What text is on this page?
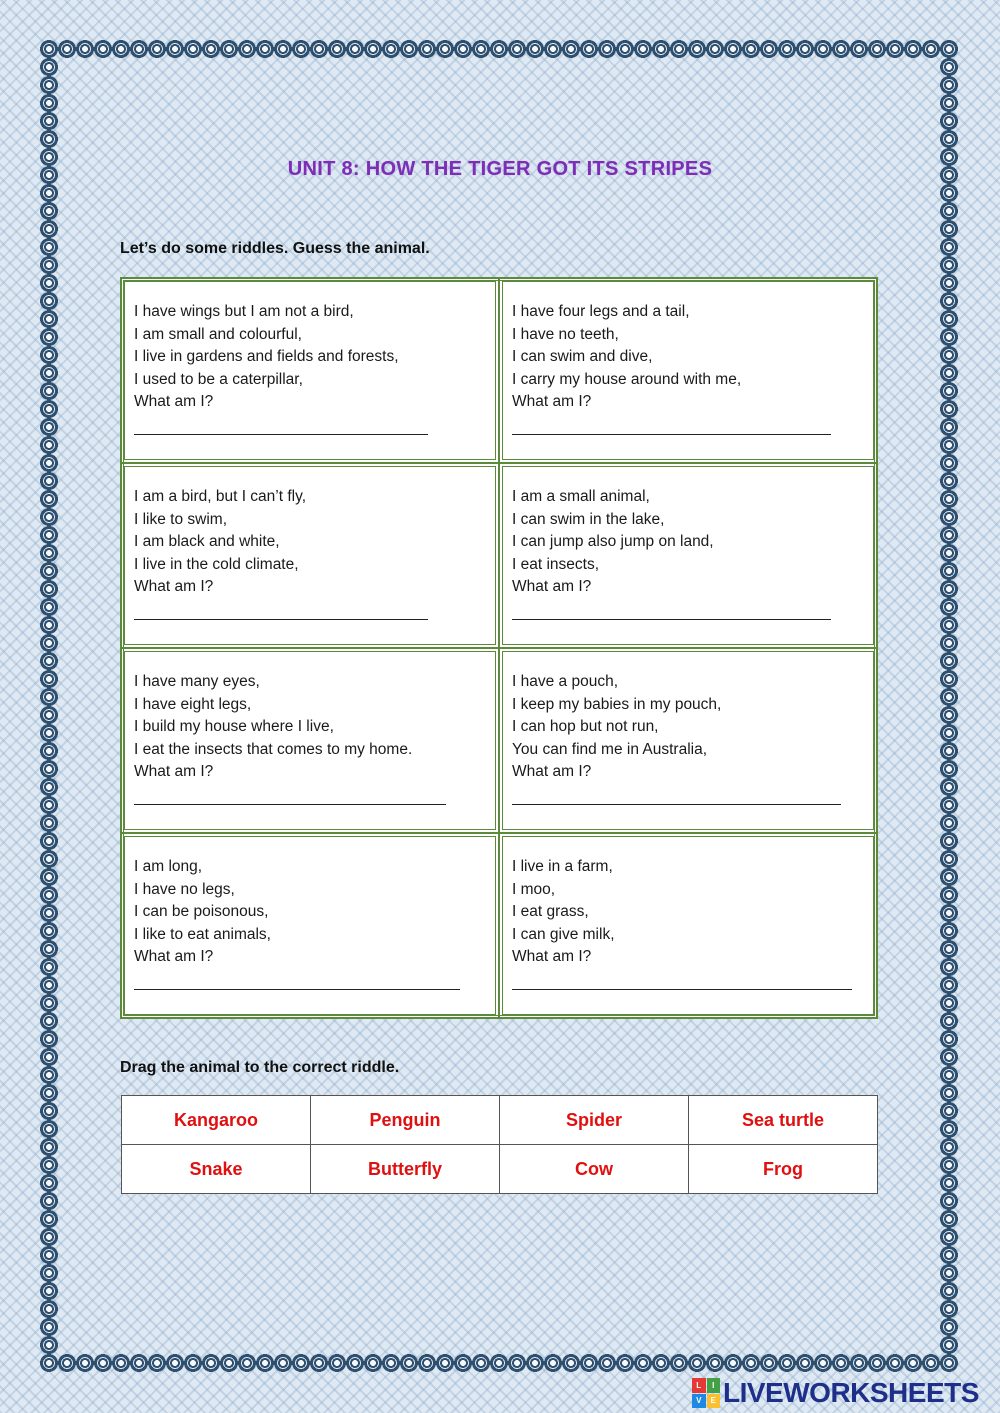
UNIT 8: HOW THE TIGER GOT ITS STRIPES
Let’s do some riddles. Guess the animal.
I have wings but I am not a bird,
I am small and colourful,
I live in gardens and fields and forests,
I used to be a caterpillar,
What am I?
I have four legs and a tail,
I have no teeth,
I can swim and dive,
I carry my house around with me,
What am I?
I am a bird, but I can’t fly,
I like to swim,
I am black and white,
I live in the cold climate,
What am I?
I am a small animal,
I can swim in the lake,
I can jump also jump on land,
I eat insects,
What am I?
I have many eyes,
I have eight legs,
I build my house where I live,
I eat the insects that comes to my home.
What am I?
I have a pouch,
I keep my babies in my pouch,
I can hop but not run,
You can find me in Australia,
What am I?
I am long,
I have no legs,
I can be poisonous,
I like to eat animals,
What am I?
I live in a farm,
I moo,
I eat grass,
I can give milk,
What am I?
Drag the animal to the correct riddle.
Kangaroo	Penguin	Spider	Sea turtle
Snake	Butterfly	Cow	Frog
L	I
V	E LIVEWORKSHEETS
